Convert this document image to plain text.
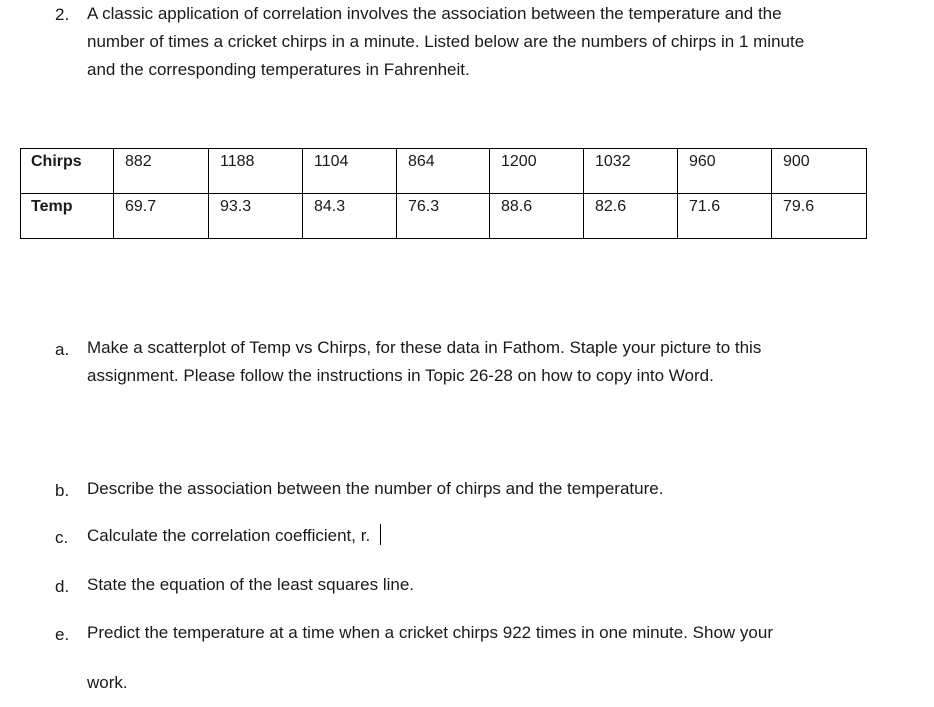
2. A classic application of correlation involves the association between the temperature and the
number of times a cricket chirps in a minute. Listed below are the numbers of chirps in 1 minute
and the corresponding temperatures in Fahrenheit.
Chirps	882	1188	1104	864	1200	1032	960	900
Temp	69.7	93.3	84.3	76.3	88.6	82.6	71.6	79.6
a. Make a scatterplot of Temp vs Chirps, for these data in Fathom. Staple your picture to this
assignment. Please follow the instructions in Topic 26-28 on how to copy into Word.
b. Describe the association between the number of chirps and the temperature.
c. Calculate the correlation coefficient, r.
d. State the equation of the least squares line.
e. Predict the temperature at a time when a cricket chirps 922 times in one minute. Show your
work.
